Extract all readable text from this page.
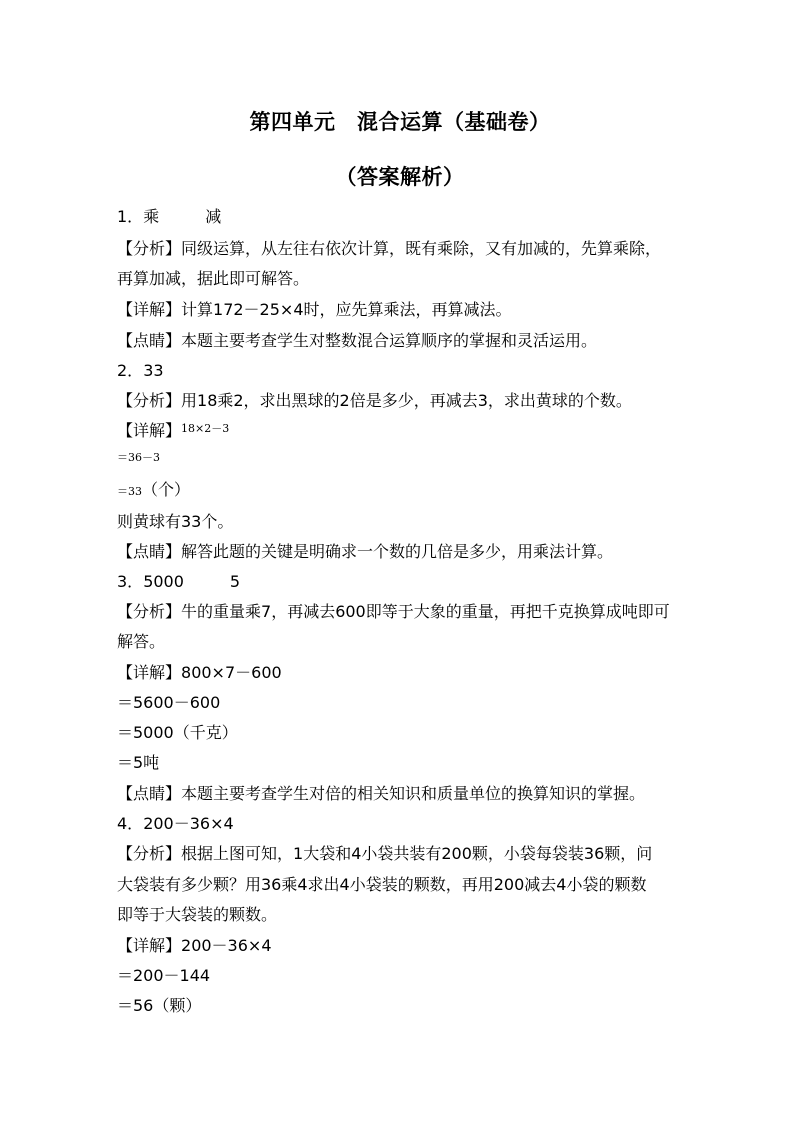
第四单元　混合运算（基础卷）
（答案解析）
1．乘	减
【分析】同级运算，从左往右依次计算，既有乘除，又有加减的，先算乘除，
再算加减，据此即可解答。
【详解】计算172－25×4时，应先算乘法，再算减法。
【点睛】本题主要考查学生对整数混合运算顺序的掌握和灵活运用。
2．33
【分析】用18乘2，求出黑球的2倍是多少，再减去3，求出黄球的个数。
【详解】$^{18\times 2-3}$
＝36－3
＝33（个）
则黄球有33个。
【点睛】解答此题的关键是明确求一个数的几倍是多少，用乘法计算。
3．5000	5
【分析】牛的重量乘7，再减去600即等于大象的重量，再把千克换算成吨即可
解答。
【详解】800×7－600
＝5600－600
＝5000（千克）
＝5吨
【点睛】本题主要考查学生对倍的相关知识和质量单位的换算知识的掌握。
4．200－36×4
【分析】根据上图可知，1大袋和4小袋共装有200颗，小袋每袋装36颗，问
大袋装有多少颗？用36乘4求出4小袋装的颗数，再用200减去4小袋的颗数
即等于大袋装的颗数。
【详解】200－36×4
＝200－144
＝56（颗）
